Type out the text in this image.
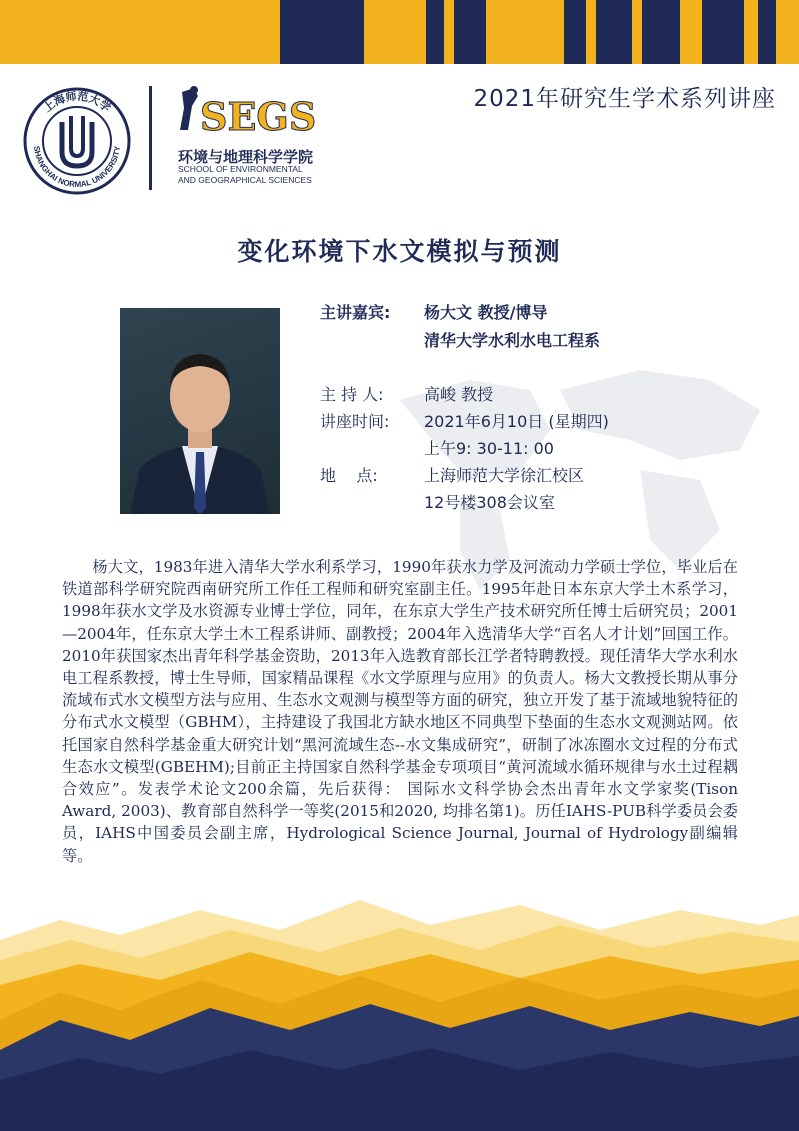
2021年研究生学术系列讲座
上海师范大学
SHANGHAI NORMAL UNIVERSITY
SEGS
环境与地理科学学院
SCHOOL OF ENVIRONMENTAL
AND GEOGRAPHICAL SCIENCES
变化环境下水文模拟与预测
主讲嘉宾: 杨大文 教授/博导
清华大学水利水电工程系
主 持 人:	高峻 教授
讲座时间: 2021年6月10日 (星期四)
上午9: 30-11: 00
地    点:	上海师范大学徐汇校区
12号楼308会议室
杨大文，1983年进入清华大学水利系学习，1990年获水力学及河流动力学硕士学位，毕业后在铁道部科学研究院西南研究所工作任工程师和研究室副主任。1995年赴日本东京大学土木系学习，1998年获水文学及水资源专业博士学位，同年，在东京大学生产技术研究所任博士后研究员；2001—2004年，任东京大学土木工程系讲师、副教授；2004年入选清华大学“百名人才计划”回国工作。2010年获国家杰出青年科学基金资助，2013年入选教育部长江学者特聘教授。现任清华大学水利水电工程系教授，博士生导师，国家精品课程《水文学原理与应用》的负责人。杨大文教授长期从事分流域布式水文模型方法与应用、生态水文观测与模型等方面的研究，独立开发了基于流域地貌特征的分布式水文模型（GBHM），主持建设了我国北方缺水地区不同典型下垫面的生态水文观测站网。依托国家自然科学基金重大研究计划“黑河流域生态--水文集成研究”，研制了冰冻圈水文过程的分布式生态水文模型(GBEHM);目前正主持国家自然科学基金专项项目“黄河流域水循环规律与水土过程耦合效应”。发表学术论文200余篇，先后获得： 国际水文科学协会杰出青年水文学家奖(Tison Award, 2003)、教育部自然科学一等奖(2015和2020, 均排名第1)。历任IAHS-PUB科学委员会委员，IAHS中国委员会副主席，Hydrological Science Journal, Journal of Hydrology副编辑等。
